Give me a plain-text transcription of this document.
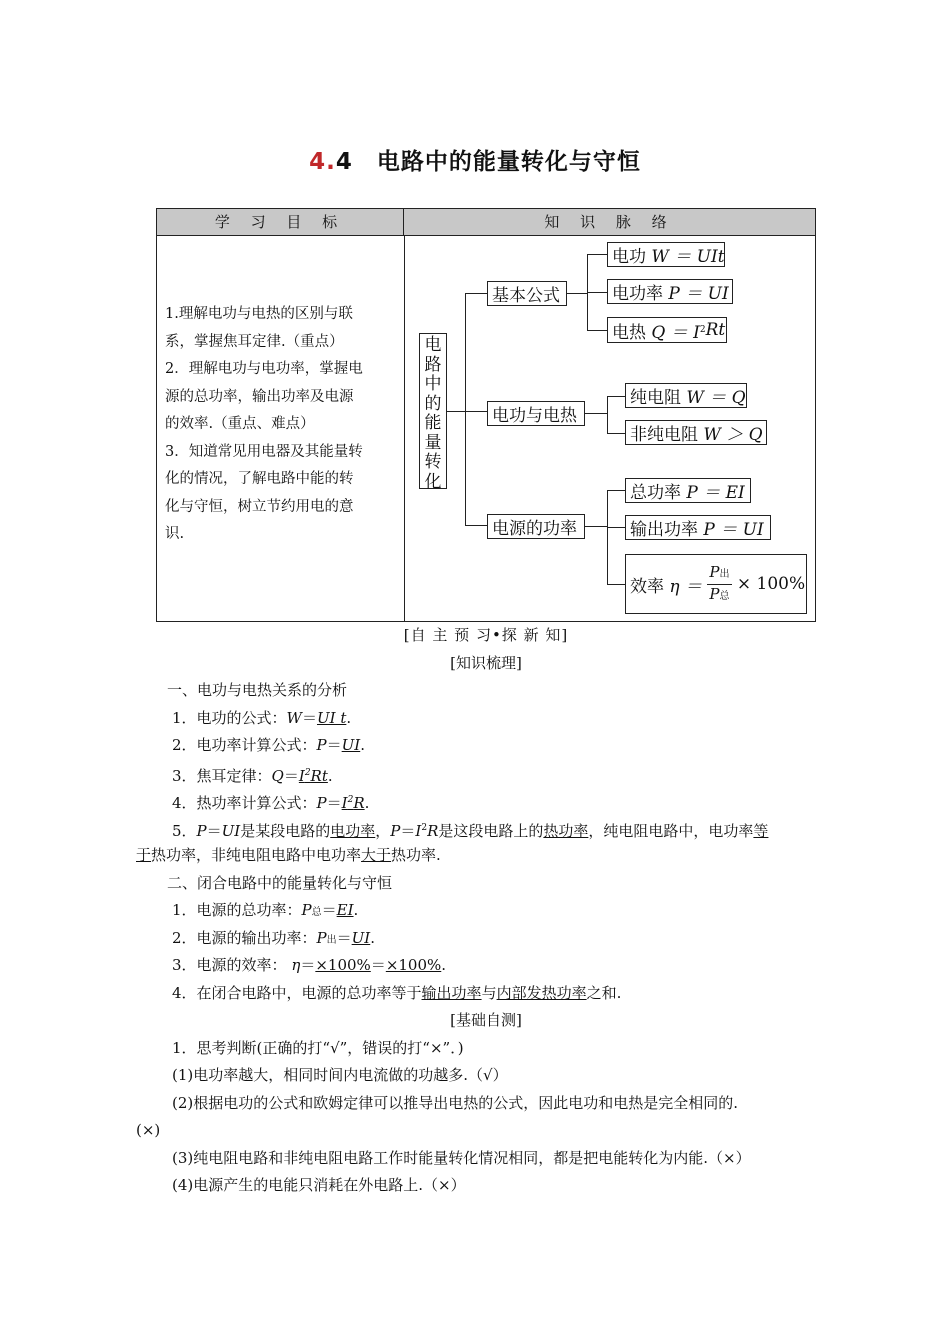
4.4 电路中的能量转化与守恒
学 习 目 标	知 识 脉 络

1.理解电功与电热的区别与联

系，掌握焦耳定律.（重点）

2．理解电功与电功率，掌握电

源的总功率，输出功率及电源

的效率.（重点、难点）

3．知道常见用电器及其能量转

化的情况，了解电路中能的转

化与守恒，树立节约用电的意

识.

电
路
中
的
能
量
转
化
基本公式
电功
W ＝ UIt
电功率
P ＝ UI
电热
Q ＝ I 2 Rt
电功与电热
纯电阻
W ＝ Q
非纯电阻
W ＞ Q
电源的功率
总功率
P ＝ EI
输出功率
P ＝ UI
效率
η ＝

P出
P总

× 100%

[自 主 预 习•探 新 知]

[知识梳理]

一、电功与电热关系的分析

1．电功的公式：W＝UI t.

2．电功率计算公式：P＝UI.

3．焦耳定律：$Q=I^2Rt$.

4．热功率计算公式：$P=I^2R$.

5．P＝UI是某段电路的电功率，$P=I^2R$是这段电路上的热功率，纯电阻电路中，电功率等

于热功率，非纯电阻电路中电功率大于热功率.

二、闭合电路中的能量转化与守恒

1．电源的总功率：P总＝EI.

2．电源的输出功率：P出＝UI.

3．电源的效率： η＝×100%＝×100%.

4．在闭合电路中，电源的总功率等于输出功率与内部发热功率之和.

[基础自测]

1．思考判断(正确的打“√”，错误的打“×”．)

(1)电功率越大，相同时间内电流做的功越多.（√）

(2)根据电功的公式和欧姆定律可以推导出电热的公式，因此电功和电热是完全相同的.

(×)

(3)纯电阻电路和非纯电阻电路工作时能量转化情况相同，都是把电能转化为内能.（×）

(4)电源产生的电能只消耗在外电路上.（×）
